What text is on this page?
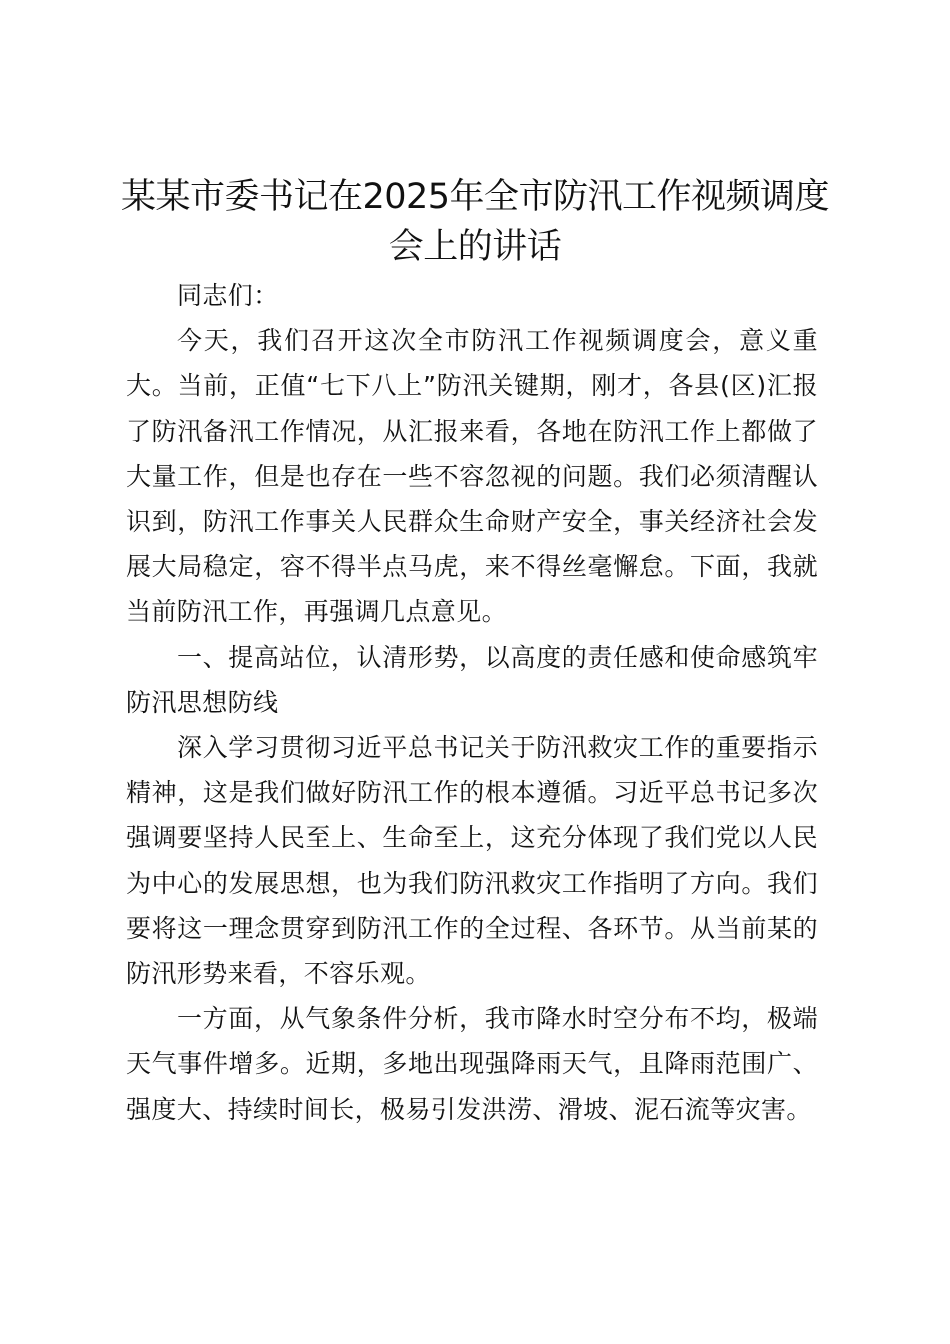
某某市委书记在2025年全市防汛工作视频调度会上的讲话

同志们：

今天，我们召开这次全市防汛工作视频调度会，意义重大。当前，正值“七下八上”防汛关键期，刚才，各县(区)汇报了防汛备汛工作情况，从汇报来看，各地在防汛工作上都做了大量工作，但是也存在一些不容忽视的问题。我们必须清醒认识到，防汛工作事关人民群众生命财产安全，事关经济社会发展大局稳定，容不得半点马虎，来不得丝毫懈怠。下面，我就当前防汛工作，再强调几点意见。

一、提高站位，认清形势，以高度的责任感和使命感筑牢防汛思想防线

深入学习贯彻习近平总书记关于防汛救灾工作的重要指示精神，这是我们做好防汛工作的根本遵循。习近平总书记多次强调要坚持人民至上、生命至上，这充分体现了我们党以人民为中心的发展思想，也为我们防汛救灾工作指明了方向。我们要将这一理念贯穿到防汛工作的全过程、各环节。从当前某的防汛形势来看，不容乐观。

一方面，从气象条件分析，我市降水时空分布不均，极端天气事件增多。近期，多地出现强降雨天气，且降雨范围广、强度大、持续时间长，极易引发洪涝、滑坡、泥石流等灾害。
